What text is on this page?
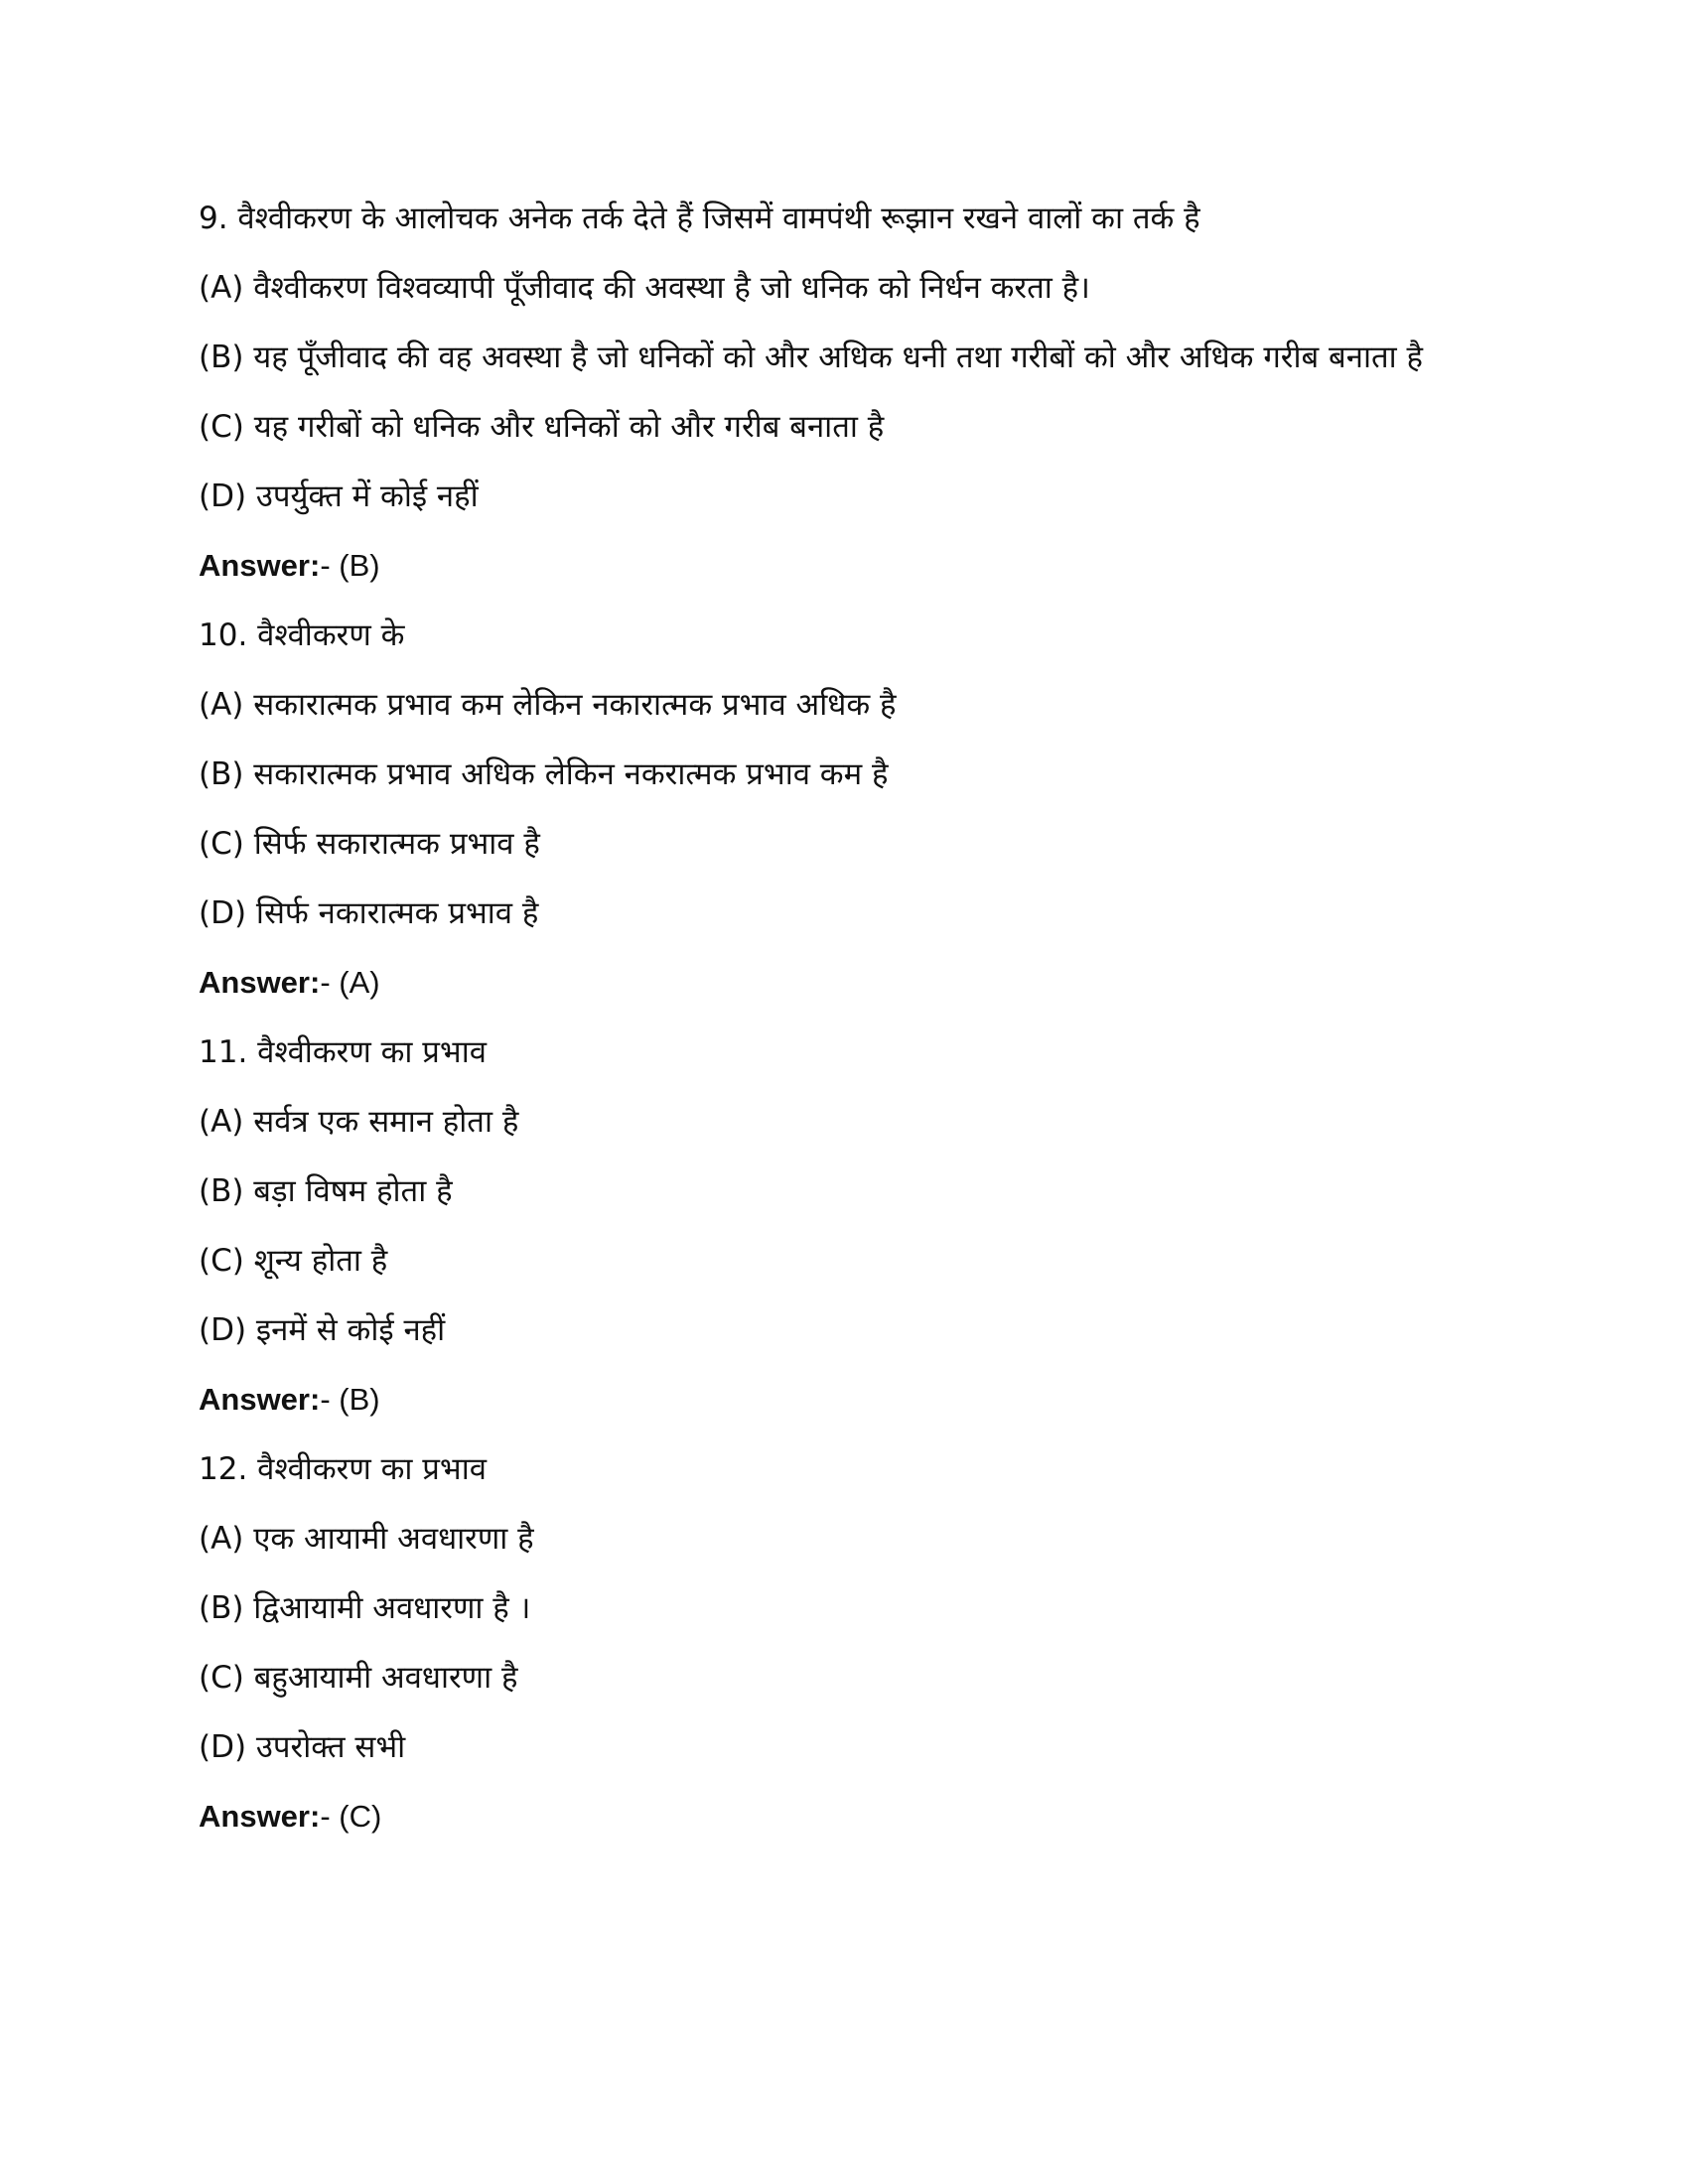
9. वैश्वीकरण के आलोचक अनेक तर्क देते हैं जिसमें वामपंथी रूझान रखने वालों का तर्क है

(A) वैश्वीकरण विश्वव्यापी पूँजीवाद की अवस्था है जो धनिक को निर्धन करता है।

(B) यह पूँजीवाद की वह अवस्था है जो धनिकों को और अधिक धनी तथा गरीबों को और अधिक गरीब बनाता है

(C) यह गरीबों को धनिक और धनिकों को और गरीब बनाता है

(D) उपर्युक्त में कोई नहीं

Answer:- (B)

10. वैश्वीकरण के

(A) सकारात्मक प्रभाव कम लेकिन नकारात्मक प्रभाव अधिक है

(B) सकारात्मक प्रभाव अधिक लेकिन नकरात्मक प्रभाव कम है

(C) सिर्फ सकारात्मक प्रभाव है

(D) सिर्फ नकारात्मक प्रभाव है

Answer:- (A)

11. वैश्वीकरण का प्रभाव

(A) सर्वत्र एक समान होता है

(B) बड़ा विषम होता है

(C) शून्य होता है

(D) इनमें से कोई नहीं

Answer:- (B)

12. वैश्वीकरण का प्रभाव

(A) एक आयामी अवधारणा है

(B) द्विआयामी अवधारणा है ।

(C) बहुआयामी अवधारणा है

(D) उपरोक्त सभी

Answer:- (C)
